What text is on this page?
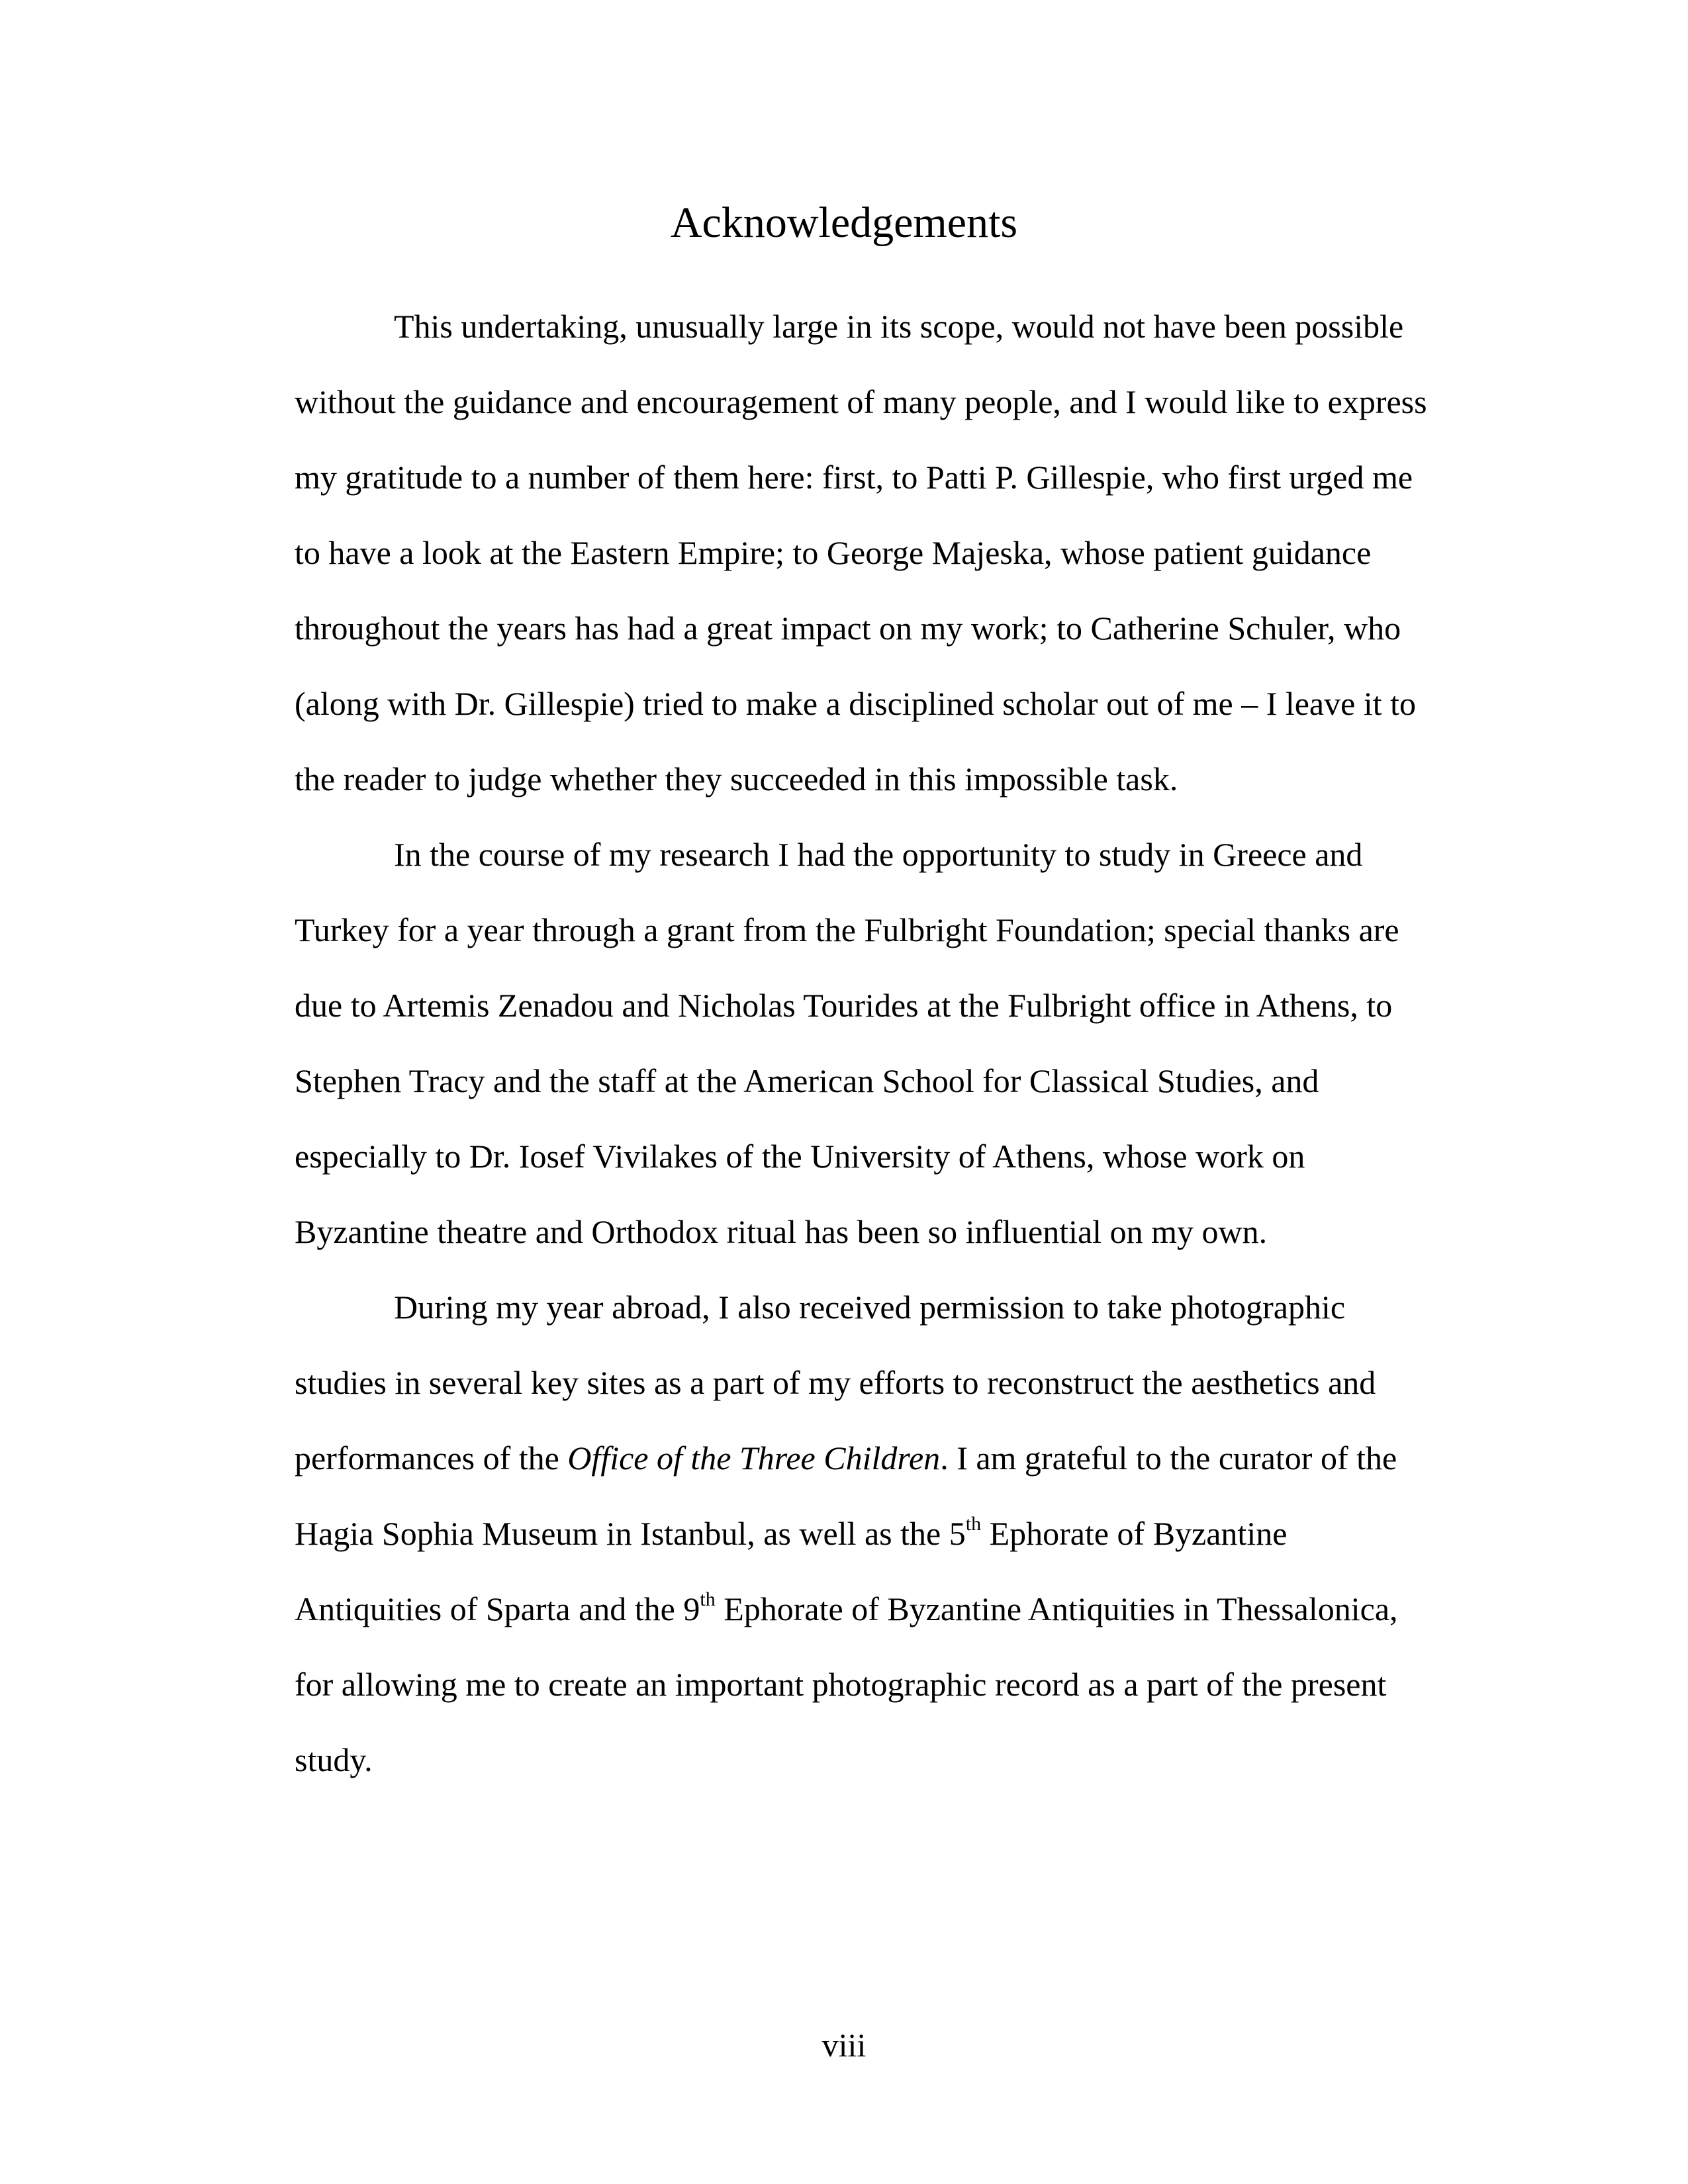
Acknowledgements
This undertaking, unusually large in its scope, would not have been possible
without the guidance and encouragement of many people, and I would like to express
my gratitude to a number of them here: first, to Patti P. Gillespie, who first urged me
to have a look at the Eastern Empire; to George Majeska, whose patient guidance
throughout the years has had a great impact on my work; to Catherine Schuler, who
(along with Dr. Gillespie) tried to make a disciplined scholar out of me – I leave it to
the reader to judge whether they succeeded in this impossible task.
In the course of my research I had the opportunity to study in Greece and
Turkey for a year through a grant from the Fulbright Foundation; special thanks are
due to Artemis Zenadou and Nicholas Tourides at the Fulbright office in Athens, to
Stephen Tracy and the staff at the American School for Classical Studies, and
especially to Dr. Iosef Vivilakes of the University of Athens, whose work on
Byzantine theatre and Orthodox ritual has been so influential on my own.
During my year abroad, I also received permission to take photographic
studies in several key sites as a part of my efforts to reconstruct the aesthetics and
performances of the Office of the Three Children. I am grateful to the curator of the
Hagia Sophia Museum in Istanbul, as well as the 5th Ephorate of Byzantine
Antiquities of Sparta and the 9th Ephorate of Byzantine Antiquities in Thessalonica,
for allowing me to create an important photographic record as a part of the present
study.
viii
